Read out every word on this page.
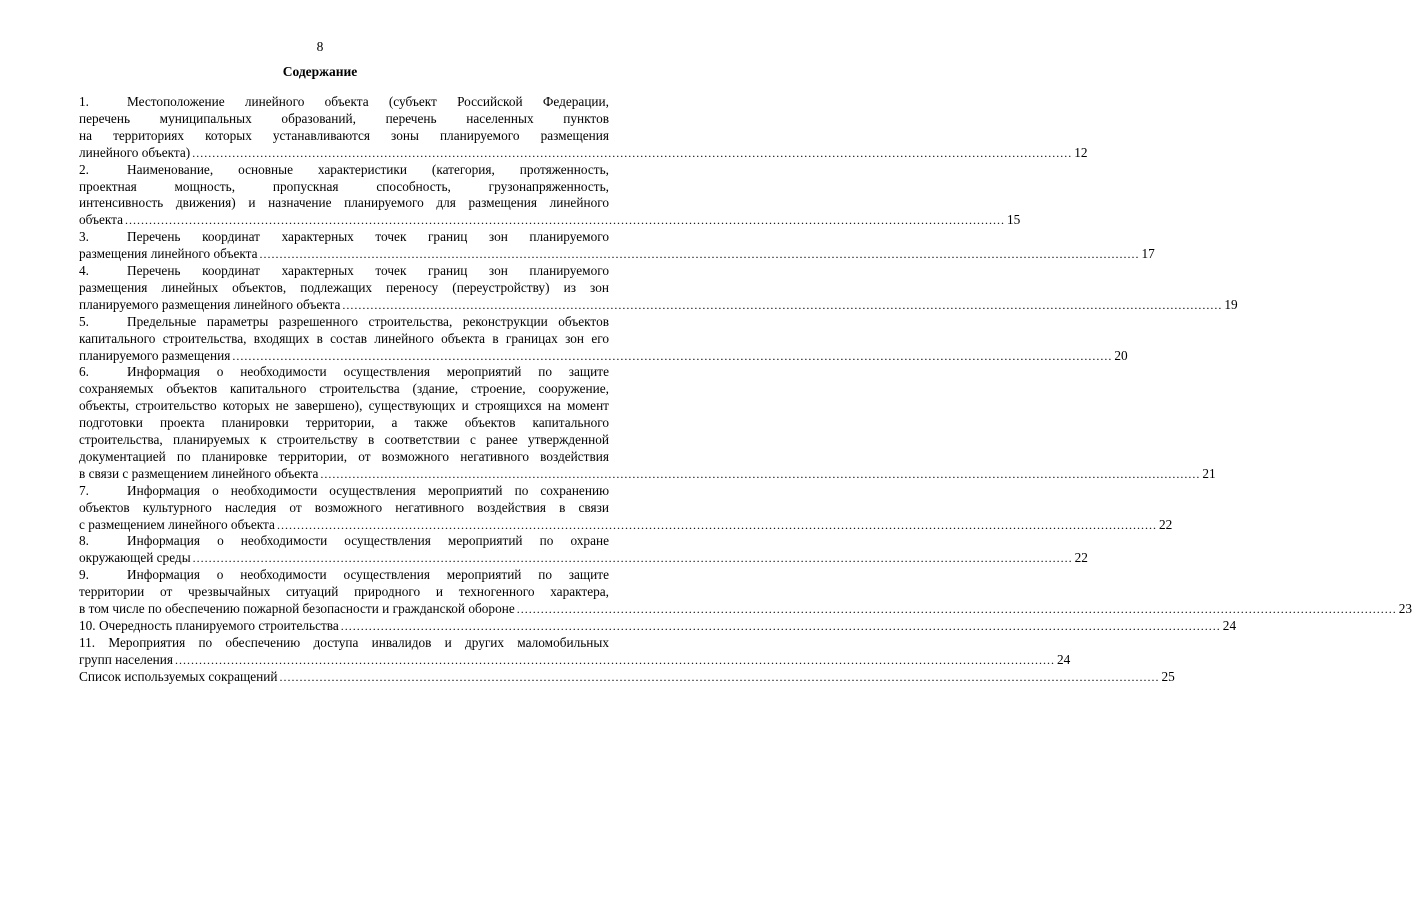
8
Содержание
1.	Местоположение линейного объекта (субъект Российской Федерации,
перечень муниципальных образований, перечень населенных пунктов
на территориях которых устанавливаются зоны планируемого размещения
линейного объекта) ............................................................................................................................................................................................................................ 12
2.	Наименование, основные характеристики (категория, протяженность,
проектная мощность, пропускная способность, грузонапряженность,
интенсивность движения) и назначение планируемого для размещения линейного
объекта ............................................................................................................................................................................................................................ 15
3.	Перечень координат характерных точек границ зон планируемого
размещения линейного объекта ............................................................................................................................................................................................................................ 17
4.	Перечень координат характерных точек границ зон планируемого
размещения линейных объектов, подлежащих переносу (переустройству) из зон
планируемого размещения линейного объекта ............................................................................................................................................................................................................................ 19
5.	Предельные параметры разрешенного строительства, реконструкции объектов
капитального строительства, входящих в состав линейного объекта в границах зон его
планируемого размещения ............................................................................................................................................................................................................................ 20
6.	Информация о необходимости осуществления мероприятий по защите
сохраняемых объектов капитального строительства (здание, строение, сооружение,
объекты, строительство которых не завершено), существующих и строящихся на момент
подготовки проекта планировки территории, а также объектов капитального
строительства, планируемых к строительству в соответствии с ранее утвержденной
документацией по планировке территории, от возможного негативного воздействия
в связи с размещением линейного объекта ............................................................................................................................................................................................................................ 21
7.	Информация о необходимости осуществления мероприятий по сохранению
объектов культурного наследия от возможного негативного воздействия в связи
с размещением линейного объекта ............................................................................................................................................................................................................................ 22
8.	Информация о необходимости осуществления мероприятий по охране
окружающей среды ............................................................................................................................................................................................................................ 22
9.	Информация о необходимости осуществления мероприятий по защите
территории от чрезвычайных ситуаций природного и техногенного характера,
в том числе по обеспечению пожарной безопасности и гражданской обороне ............................................................................................................................................................................................................................ 23
10. Очередность планируемого строительства ............................................................................................................................................................................................................................ 24
11. Мероприятия по обеспечению доступа инвалидов и других маломобильных
групп населения ............................................................................................................................................................................................................................ 24
Список используемых сокращений ............................................................................................................................................................................................................................ 25
